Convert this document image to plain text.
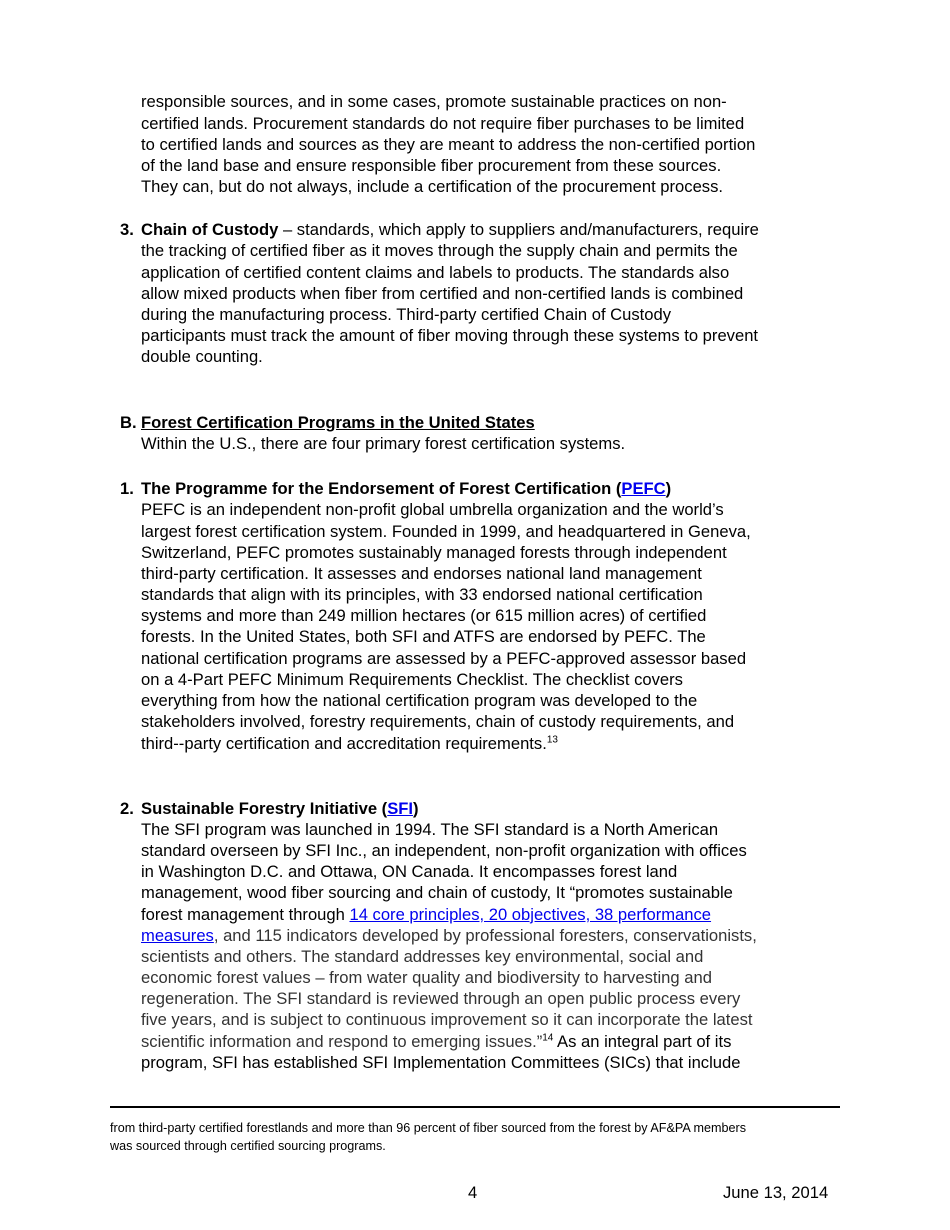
responsible sources, and in some cases, promote sustainable practices on non-
certified lands. Procurement standards do not require fiber purchases to be limited
to certified lands and sources as they are meant to address the non-certified portion
of the land base and ensure responsible fiber procurement from these sources.
They can, but do not always, include a certification of the procurement process.
3. Chain of Custody – standards, which apply to suppliers and/manufacturers, require
the tracking of certified fiber as it moves through the supply chain and permits the
application of certified content claims and labels to products. The standards also
allow mixed products when fiber from certified and non-certified lands is combined
during the manufacturing process. Third-party certified Chain of Custody
participants must track the amount of fiber moving through these systems to prevent
double counting.
B. Forest Certification Programs in the United States
Within the U.S., there are four primary forest certification systems.
1. The Programme for the Endorsement of Forest Certification (PEFC)
PEFC is an independent non-profit global umbrella organization and the world’s
largest forest certification system. Founded in 1999, and headquartered in Geneva,
Switzerland, PEFC promotes sustainably managed forests through independent
third-party certification. It assesses and endorses national land management
standards that align with its principles, with 33 endorsed national certification
systems and more than 249 million hectares (or 615 million acres) of certified
forests. In the United States, both SFI and ATFS are endorsed by PEFC. The
national certification programs are assessed by a PEFC-approved assessor based
on a 4-Part PEFC Minimum Requirements Checklist. The checklist covers
everything from how the national certification program was developed to the
stakeholders involved, forestry requirements, chain of custody requirements, and
third--party certification and accreditation requirements.$^{13}$
2. Sustainable Forestry Initiative (SFI)
The SFI program was launched in 1994. The SFI standard is a North American
standard overseen by SFI Inc., an independent, non-profit organization with offices
in Washington D.C. and Ottawa, ON Canada. It encompasses forest land
management, wood fiber sourcing and chain of custody, It “promotes sustainable
forest management through 14 core principles, 20 objectives, 38 performance
measures, and 115 indicators developed by professional foresters, conservationists,
scientists and others. The standard addresses key environmental, social and
economic forest values – from water quality and biodiversity to harvesting and
regeneration. The SFI standard is reviewed through an open public process every
five years, and is subject to continuous improvement so it can incorporate the latest
scientific information and respond to emerging issues.”$^{14}$ As an integral part of its
program, SFI has established SFI Implementation Committees (SICs) that include
from third-party certified forestlands and more than 96 percent of fiber sourced from the forest by AF&PA members
was sourced through certified sourcing programs.
4	June 13, 2014
